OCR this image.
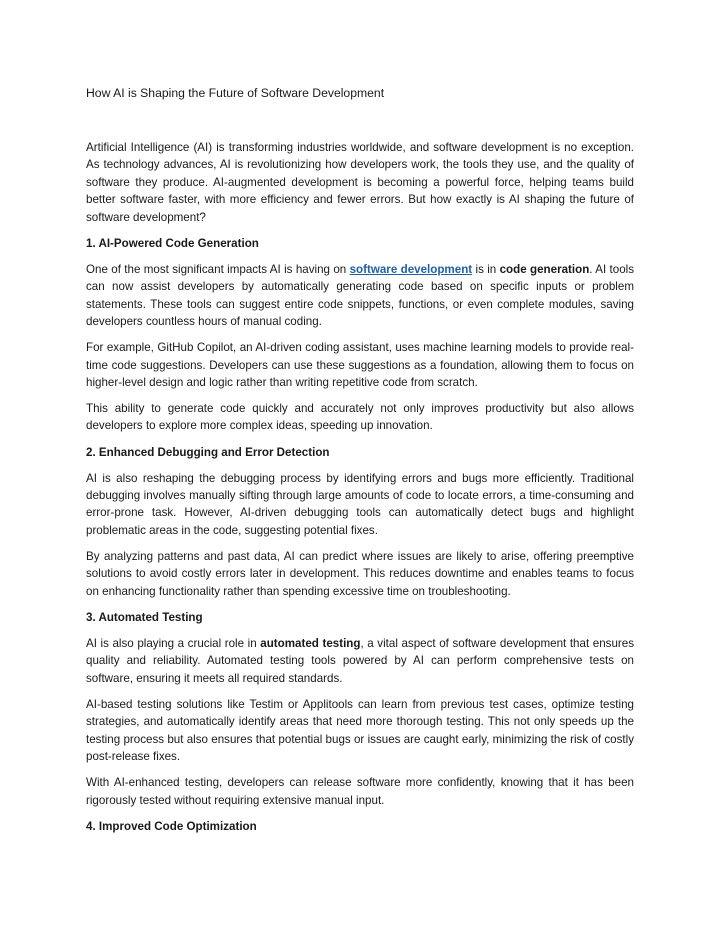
How AI is Shaping the Future of Software Development

Artificial Intelligence (AI) is transforming industries worldwide, and software development is no exception. As technology advances, AI is revolutionizing how developers work, the tools they use, and the quality of software they produce. AI-augmented development is becoming a powerful force, helping teams build better software faster, with more efficiency and fewer errors. But how exactly is AI shaping the future of software development?

1. AI-Powered Code Generation

One of the most significant impacts AI is having on software development is in code generation. AI tools can now assist developers by automatically generating code based on specific inputs or problem statements. These tools can suggest entire code snippets, functions, or even complete modules, saving developers countless hours of manual coding.

For example, GitHub Copilot, an AI-driven coding assistant, uses machine learning models to provide real-time code suggestions. Developers can use these suggestions as a foundation, allowing them to focus on higher-level design and logic rather than writing repetitive code from scratch.

This ability to generate code quickly and accurately not only improves productivity but also allows developers to explore more complex ideas, speeding up innovation.

2. Enhanced Debugging and Error Detection

AI is also reshaping the debugging process by identifying errors and bugs more efficiently. Traditional debugging involves manually sifting through large amounts of code to locate errors, a time-consuming and error-prone task. However, AI-driven debugging tools can automatically detect bugs and highlight problematic areas in the code, suggesting potential fixes.

By analyzing patterns and past data, AI can predict where issues are likely to arise, offering preemptive solutions to avoid costly errors later in development. This reduces downtime and enables teams to focus on enhancing functionality rather than spending excessive time on troubleshooting.

3. Automated Testing

AI is also playing a crucial role in automated testing, a vital aspect of software development that ensures quality and reliability. Automated testing tools powered by AI can perform comprehensive tests on software, ensuring it meets all required standards.

AI-based testing solutions like Testim or Applitools can learn from previous test cases, optimize testing strategies, and automatically identify areas that need more thorough testing. This not only speeds up the testing process but also ensures that potential bugs or issues are caught early, minimizing the risk of costly post-release fixes.

With AI-enhanced testing, developers can release software more confidently, knowing that it has been rigorously tested without requiring extensive manual input.

4. Improved Code Optimization
